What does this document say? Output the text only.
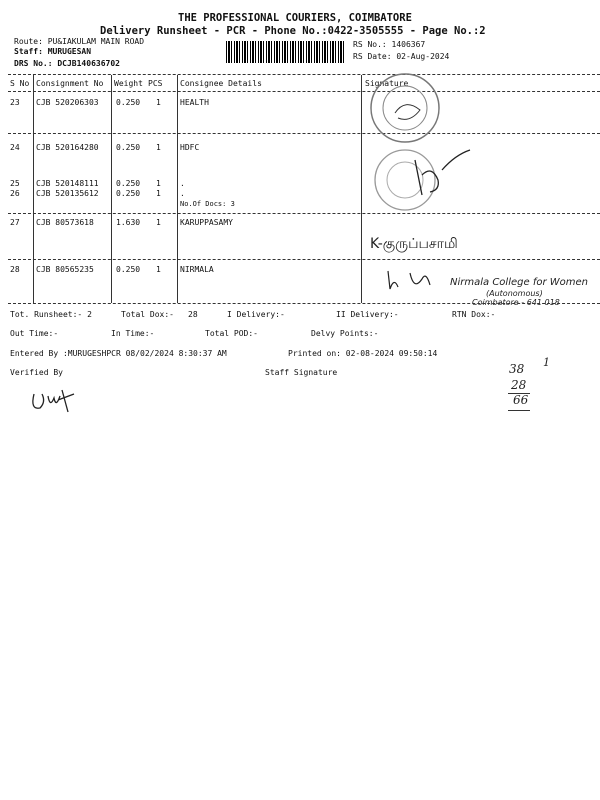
THE PROFESSIONAL COURIERS, COIMBATORE
Delivery Runsheet - PCR - Phone No.:0422-3505555 - Page No.:2
Route: PU&IAKULAM MAIN ROAD
Staff: MURUGESAN
DRS No.: DCJB140636702
RS No.: 1406367
RS Date: 02-Aug-2024
S No Consignment No Weight PCS Consignee Details	Signature
23 CJB 520206303 0.250 1 HEALTH
24 CJB 520164280 0.250 1 HDFC
25 CJB 520148111 0.250 1 .
26 CJB 520135612 0.250 1 .
No.Of Docs: 3
27 CJB 80573618	1.630 1 KARUPPASAMY
28 CJB 80565235	0.250 1 NIRMALA
K-குருப்பசாமி
Nirmala College for Women
(Autonomous)
Coimbatore - 641 018
Tot. Runsheet:- 2	Total Dox:- 28	I Delivery:-	II Delivery:-	RTN Dox:-
Out Time:-	In Time:-	Total POD:-	Delvy Points:-
Entered By :MURUGESHPCR 08/02/2024 8:30:37 AM	Printed on: 02-08-2024 09:50:14
Verified By	Staff Signature	38 1
28
66
